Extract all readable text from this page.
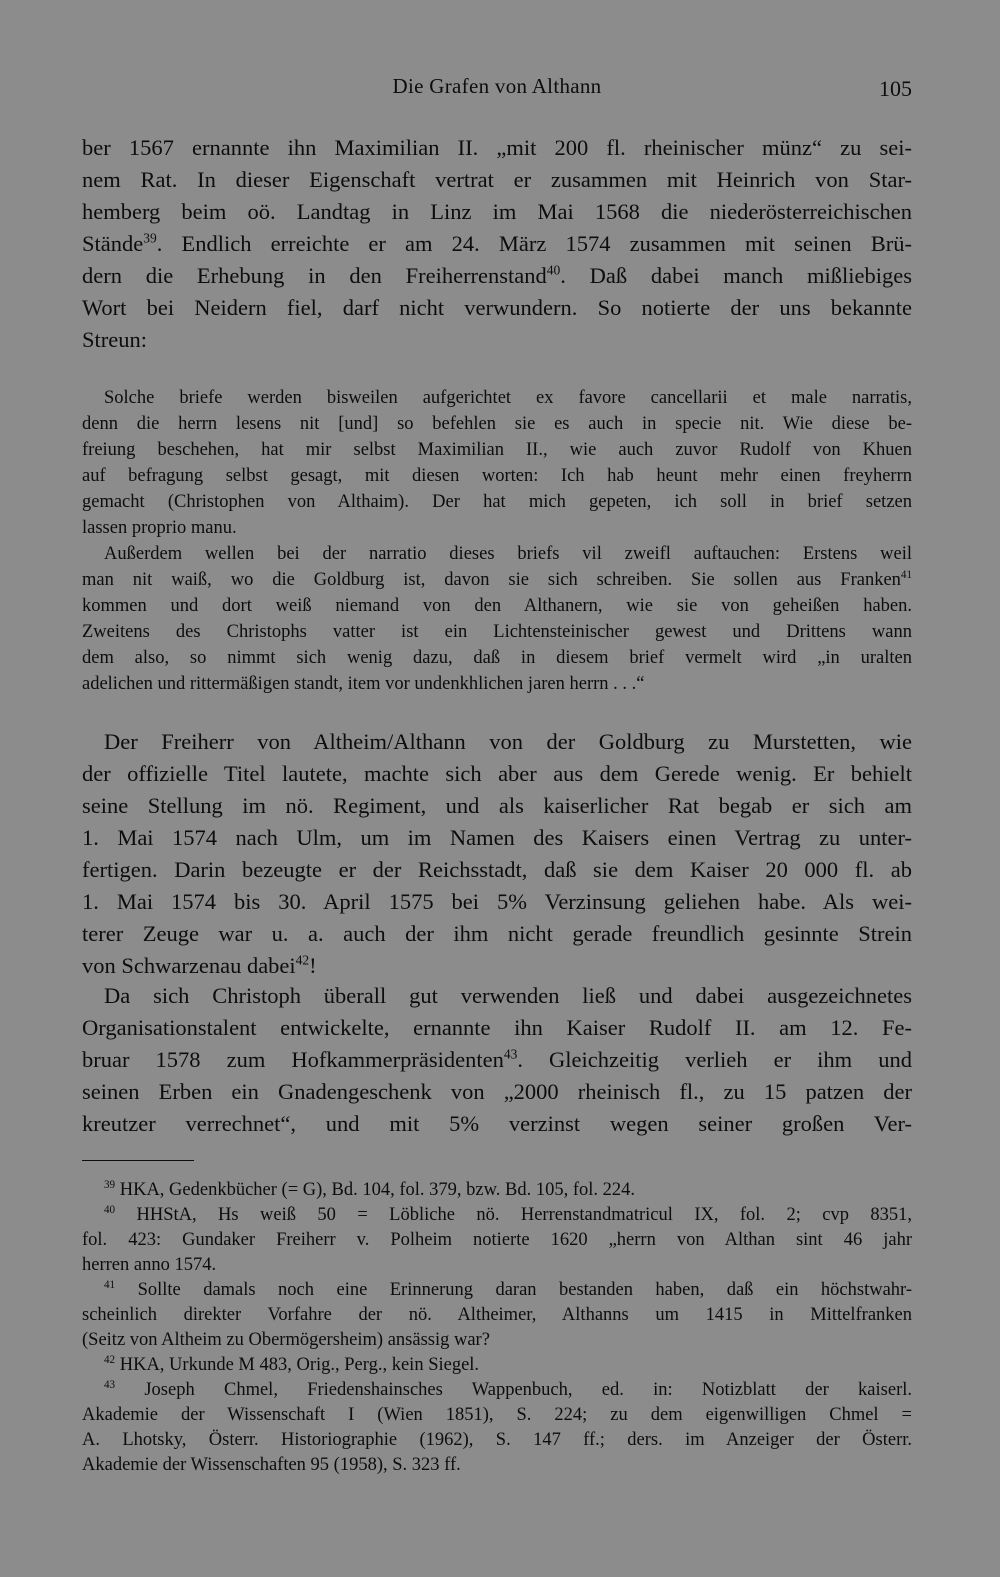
Die Grafen von Althann	105
ber 1567 ernannte ihn Maximilian II. „mit 200 fl. rheinischer münz“ zu sei-
nem Rat. In dieser Eigenschaft vertrat er zusammen mit Heinrich von Star-
hemberg beim oö. Landtag in Linz im Mai 1568 die niederösterreichischen
Stände$^{39}$. Endlich erreichte er am 24. März 1574 zusammen mit seinen Brü-
dern die Erhebung in den Freiherrenstand$^{40}$. Daß dabei manch mißliebiges
Wort bei Neidern fiel, darf nicht verwundern. So notierte der uns bekannte
Streun:
Solche briefe werden bisweilen aufgerichtet ex favore cancellarii et male narratis,
denn die herrn lesens nit [und] so befehlen sie es auch in specie nit. Wie diese be-
freiung beschehen, hat mir selbst Maximilian II., wie auch zuvor Rudolf von Khuen
auf befragung selbst gesagt, mit diesen worten: Ich hab heunt mehr einen freyherrn
gemacht (Christophen von Althaim). Der hat mich gepeten, ich soll in brief setzen
lassen proprio manu.
Außerdem wellen bei der narratio dieses briefs vil zweifl auftauchen: Erstens weil
man nit waiß, wo die Goldburg ist, davon sie sich schreiben. Sie sollen aus Franken$^{41}$
kommen und dort weiß niemand von den Althanern, wie sie von geheißen haben.
Zweitens des Christophs vatter ist ein Lichtensteinischer gewest und Drittens wann
dem also, so nimmt sich wenig dazu, daß in diesem brief vermelt wird „in uralten
adelichen und rittermäßigen standt, item vor undenkhlichen jaren herrn . . .“
Der Freiherr von Altheim/Althann von der Goldburg zu Murstetten, wie
der offizielle Titel lautete, machte sich aber aus dem Gerede wenig. Er behielt
seine Stellung im nö. Regiment, und als kaiserlicher Rat begab er sich am
1. Mai 1574 nach Ulm, um im Namen des Kaisers einen Vertrag zu unter-
fertigen. Darin bezeugte er der Reichsstadt, daß sie dem Kaiser 20 000 fl. ab
1. Mai 1574 bis 30. April 1575 bei 5% Verzinsung geliehen habe. Als wei-
terer Zeuge war u. a. auch der ihm nicht gerade freundlich gesinnte Strein
von Schwarzenau dabei$^{42}$!
Da sich Christoph überall gut verwenden ließ und dabei ausgezeichnetes
Organisationstalent entwickelte, ernannte ihn Kaiser Rudolf II. am 12. Fe-
bruar 1578 zum Hofkammerpräsidenten$^{43}$. Gleichzeitig verlieh er ihm und
seinen Erben ein Gnadengeschenk von „2000 rheinisch fl., zu 15 patzen der
kreutzer verrechnet“, und mit 5% verzinst wegen seiner großen Ver-
$^{39}$ HKA, Gedenkbücher (= G), Bd. 104, fol. 379, bzw. Bd. 105, fol. 224.
$^{40}$ HHStA, Hs weiß 50 = Löbliche nö. Herrenstandmatricul IX, fol. 2; cvp 8351,
fol. 423: Gundaker Freiherr v. Polheim notierte 1620 „herrn von Althan sint 46 jahr
herren anno 1574.
$^{41}$ Sollte damals noch eine Erinnerung daran bestanden haben, daß ein höchstwahr-
scheinlich direkter Vorfahre der nö. Altheimer, Althanns um 1415 in Mittelfranken
(Seitz von Altheim zu Obermögersheim) ansässig war?
$^{42}$ HKA, Urkunde M 483, Orig., Perg., kein Siegel.
$^{43}$ Joseph Chmel, Friedenshainsches Wappenbuch, ed. in: Notizblatt der kaiserl.
Akademie der Wissenschaft I (Wien 1851), S. 224; zu dem eigenwilligen Chmel =
A. Lhotsky, Österr. Historiographie (1962), S. 147 ff.; ders. im Anzeiger der Österr.
Akademie der Wissenschaften 95 (1958), S. 323 ff.
